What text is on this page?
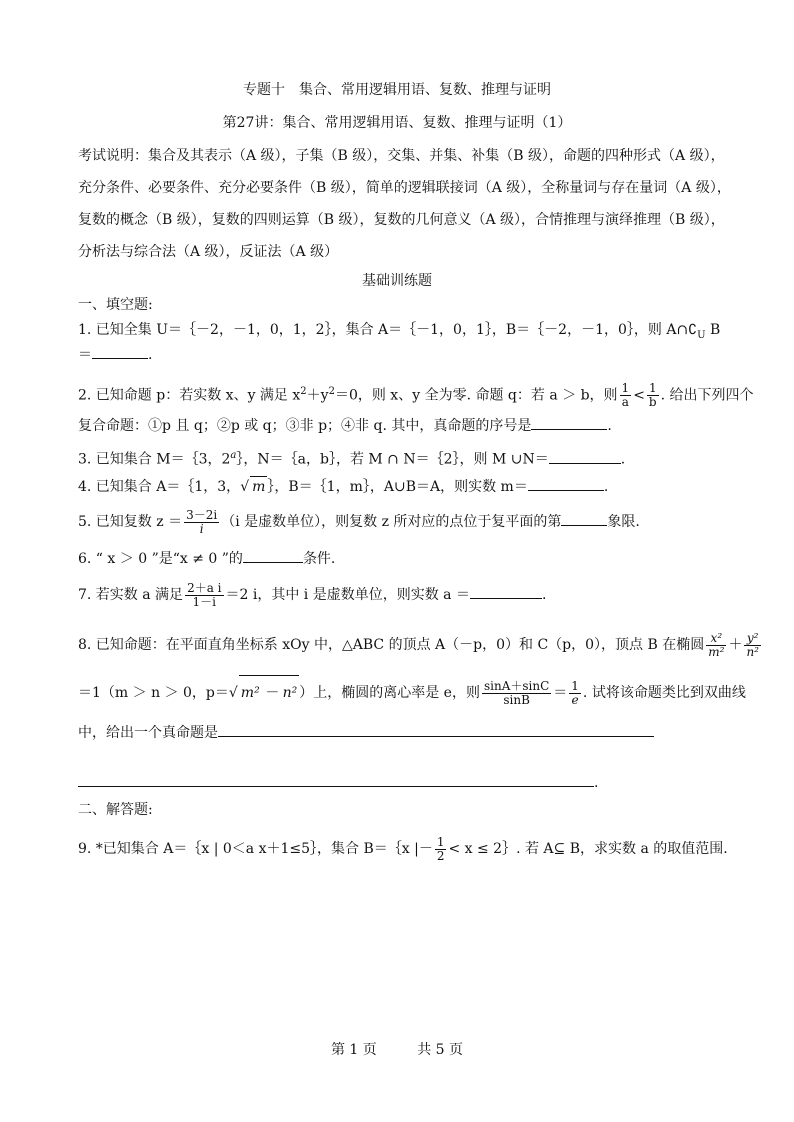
专题十　集合、常用逻辑用语、复数、推理与证明
第27讲：集合、常用逻辑用语、复数、推理与证明（1）
考试说明：集合及其表示（A 级），子集（B 级），交集、并集、补集（B 级），命题的四种形式（A 级），
充分条件、必要条件、充分必要条件（B 级），简单的逻辑联接词（A 级），全称量词与存在量词（A 级），
复数的概念（B 级），复数的四则运算（B 级），复数的几何意义（A 级），合情推理与演绎推理（B 级），
分析法与综合法（A 级），反证法（A 级）
基础训练题
一、填空题:
1. 已知全集 U＝｛－2，－1，0，1，2｝，集合 A＝｛－1，0，1｝，B＝｛－2，－1，0｝，则 $A\cap∁_U$ B
＝	.
2. 已知命题 p：若实数 x、y 满足 $x^2+y^2=0$，则 x、y 全为零. 命题 q：若 a ＞ b，则 $\frac{1}{a} < \frac{1}{b}$ . 给出下列四个
复合命题：①p 且 q；②p 或 q；③非 p；④非 q. 其中，真命题的序号是	.
3. 已知集合 M＝｛3，2$^a$｝，N＝｛a，b｝，若 M ∩ N＝｛2｝，则 M ∪N＝	.
4. 已知集合 A＝｛1，3，√ m ｝，B＝｛1，m｝，A∪B＝A，则实数 m＝	.
5. 已知复数 $z = \frac{3-2i}{i} (i$ 是虚数单位），则复数 z 所对应的点位于复平面的第	象限.
6. “ x ＞ 0 ”是“x ≠ 0 ”的	条件.
7. 若实数 a 满足 $\frac{\text{2＋a i}}{1-i} =2$ i，其中 i 是虚数单位，则实数 a ＝	.
8. 已知命题：在平面直角坐标系 xOy 中，△ABC 的顶点 A（－p，0）和 C（p，0），顶点 B 在椭圆 $\frac{\text{x²}}{\text{m²}} + \frac{\text{y²}}{\text{n²}}$
＝1（m ＞ n ＞ 0，p＝√ m² － n² ）上，椭圆的离心率是 e，则 $\frac{\sin A+\sin C}{\sin B} = \frac{1}{e}$ . 试将该命题类比到双曲线
中，给出一个真命题是
.
二、解答题:
9. *已知集合 A＝｛x | 0＜a x＋1≤5｝，集合 B＝｛x |－ $\frac{1}{2} < x$ ≤ 2｝. 若 A⊆ B，求实数 a 的取值范围.
第 1 页	共 5 页
